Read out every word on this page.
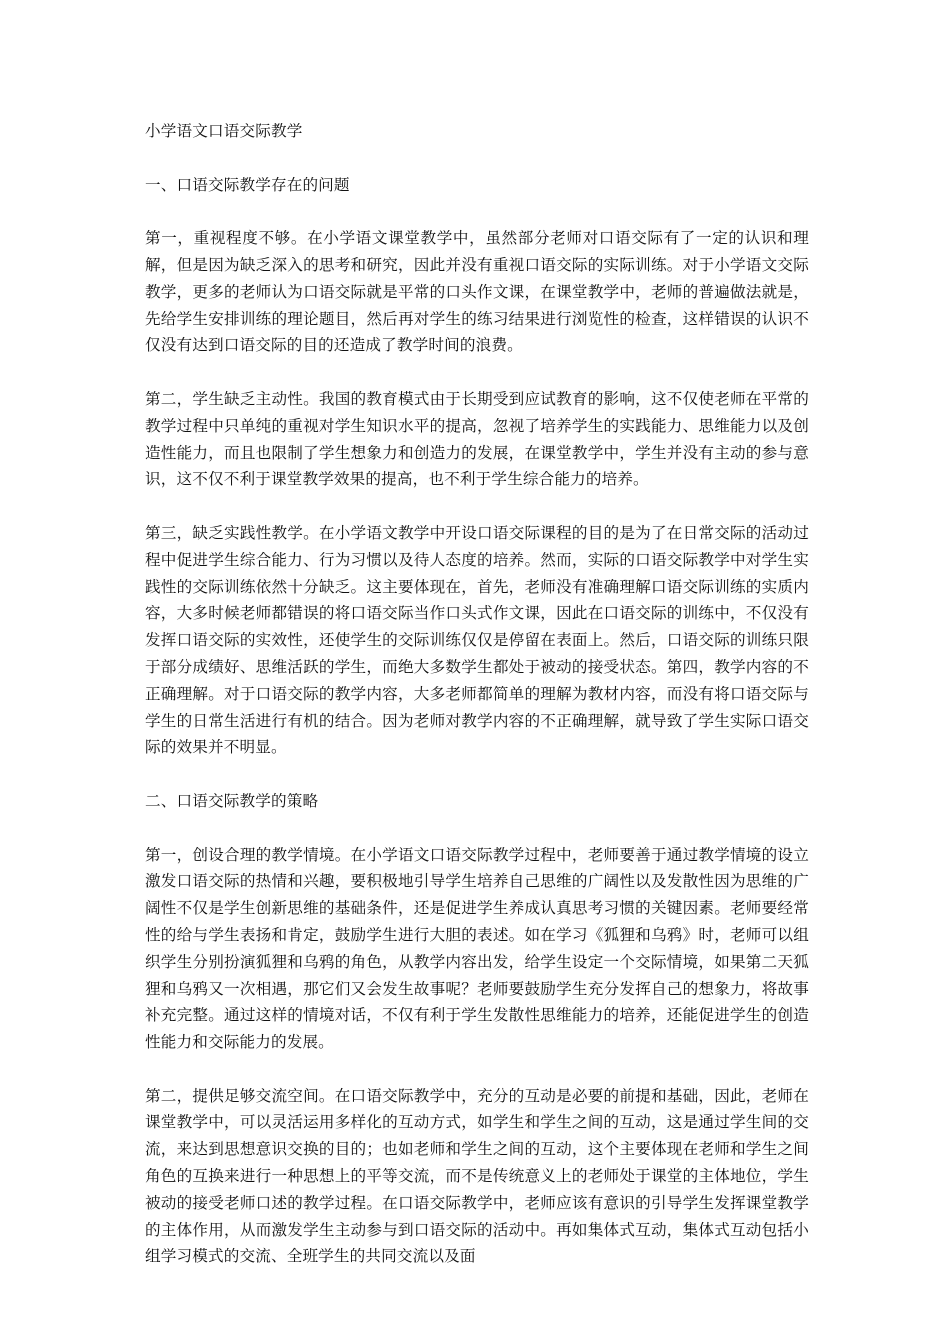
小学语文口语交际教学

一、口语交际教学存在的问题

第一，重视程度不够。在小学语文课堂教学中，虽然部分老师对口语交际有了一定的认识和理解，但是因为缺乏深入的思考和研究，因此并没有重视口语交际的实际训练。对于小学语文交际教学，更多的老师认为口语交际就是平常的口头作文课，在课堂教学中，老师的普遍做法就是，先给学生安排训练的理论题目，然后再对学生的练习结果进行浏览性的检查，这样错误的认识不仅没有达到口语交际的目的还造成了教学时间的浪费。

第二，学生缺乏主动性。我国的教育模式由于长期受到应试教育的影响，这不仅使老师在平常的教学过程中只单纯的重视对学生知识水平的提高，忽视了培养学生的实践能力、思维能力以及创造性能力，而且也限制了学生想象力和创造力的发展，在课堂教学中，学生并没有主动的参与意识，这不仅不利于课堂教学效果的提高，也不利于学生综合能力的培养。

第三，缺乏实践性教学。在小学语文教学中开设口语交际课程的目的是为了在日常交际的活动过程中促进学生综合能力、行为习惯以及待人态度的培养。然而，实际的口语交际教学中对学生实践性的交际训练依然十分缺乏。这主要体现在，首先，老师没有准确理解口语交际训练的实质内容，大多时候老师都错误的将口语交际当作口头式作文课，因此在口语交际的训练中，不仅没有发挥口语交际的实效性，还使学生的交际训练仅仅是停留在表面上。然后，口语交际的训练只限于部分成绩好、思维活跃的学生，而绝大多数学生都处于被动的接受状态。第四，教学内容的不正确理解。对于口语交际的教学内容，大多老师都简单的理解为教材内容，而没有将口语交际与学生的日常生活进行有机的结合。因为老师对教学内容的不正确理解，就导致了学生实际口语交际的效果并不明显。

二、口语交际教学的策略

第一，创设合理的教学情境。在小学语文口语交际教学过程中，老师要善于通过教学情境的设立激发口语交际的热情和兴趣，要积极地引导学生培养自己思维的广阔性以及发散性因为思维的广阔性不仅是学生创新思维的基础条件，还是促进学生养成认真思考习惯的关键因素。老师要经常性的给与学生表扬和肯定，鼓励学生进行大胆的表述。如在学习《狐狸和乌鸦》时，老师可以组织学生分别扮演狐狸和乌鸦的角色，从教学内容出发，给学生设定一个交际情境，如果第二天狐狸和乌鸦又一次相遇，那它们又会发生故事呢？老师要鼓励学生充分发挥自己的想象力，将故事补充完整。通过这样的情境对话，不仅有利于学生发散性思维能力的培养，还能促进学生的创造性能力和交际能力的发展。

第二，提供足够交流空间。在口语交际教学中，充分的互动是必要的前提和基础，因此，老师在课堂教学中，可以灵活运用多样化的互动方式，如学生和学生之间的互动，这是通过学生间的交流，来达到思想意识交换的目的；也如老师和学生之间的互动，这个主要体现在老师和学生之间角色的互换来进行一种思想上的平等交流，而不是传统意义上的老师处于课堂的主体地位，学生被动的接受老师口述的教学过程。在口语交际教学中，老师应该有意识的引导学生发挥课堂教学的主体作用，从而激发学生主动参与到口语交际的活动中。再如集体式互动，集体式互动包括小组学习模式的交流、全班学生的共同交流以及面
